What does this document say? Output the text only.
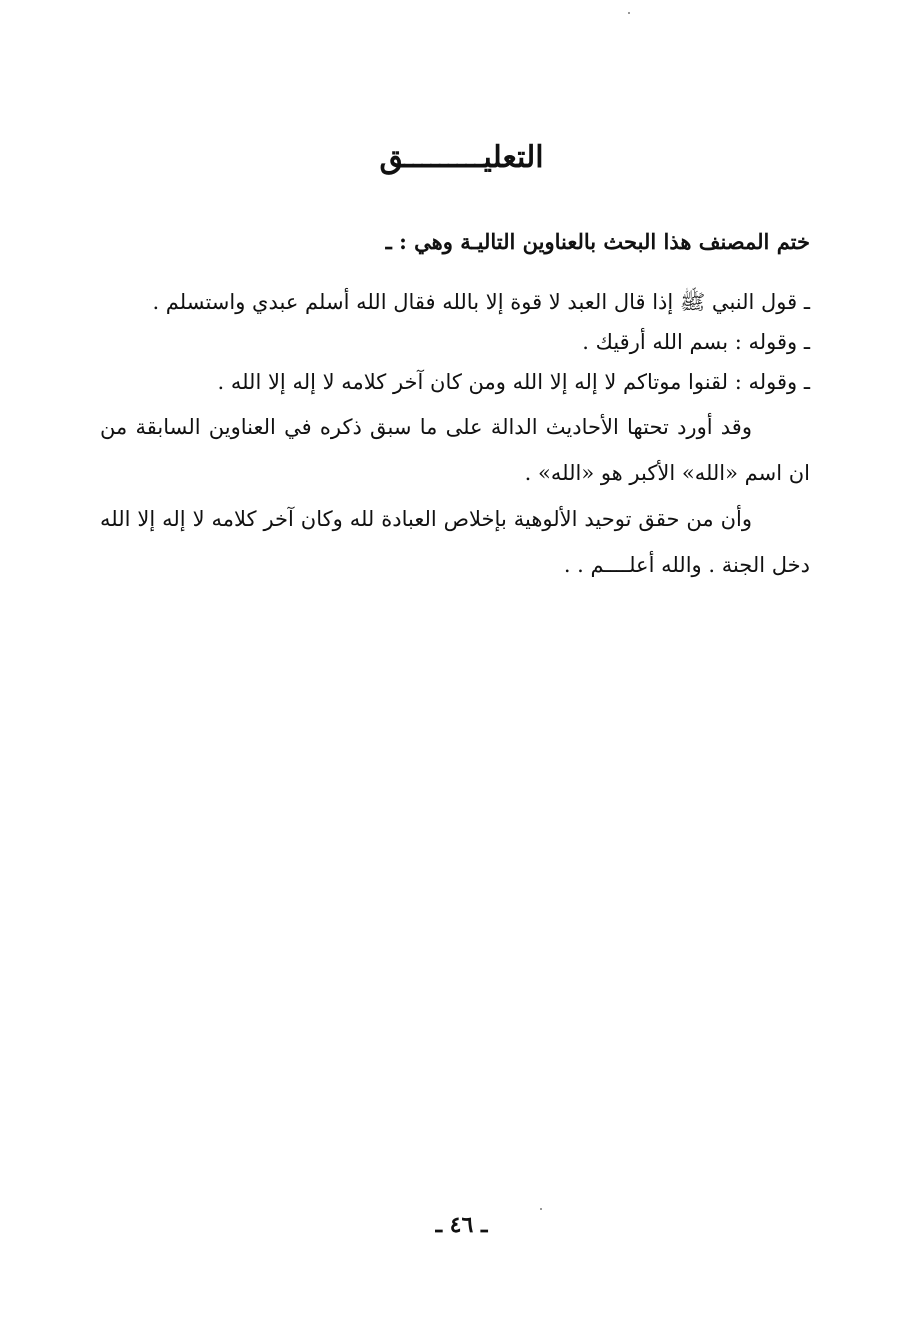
التعليـــــــــق
ختم المصنف هذا البحث بالعناوين التاليـة وهي : ـ
ـ قول النبي ﷺ إذا قال العبد لا قوة إلا بالله فقال الله أسلم عبدي واستسلم .
ـ وقوله : بسم الله أرقيك .
ـ وقوله : لقنوا موتاكم لا إله إلا الله ومن كان آخر كلامه لا إله إلا الله .

وقد أورد تحتها الأحاديث الدالة على ما سبق ذكره في العناوين السابقة من ان اسم «الله» الأكبر هو «الله» .

وأن من حقق توحيد الألوهية بإخلاص العبادة لله وكان آخر كلامه لا إله إلا الله دخل الجنة . والله أعلــــم . .

ـ ٤٦ ـ
